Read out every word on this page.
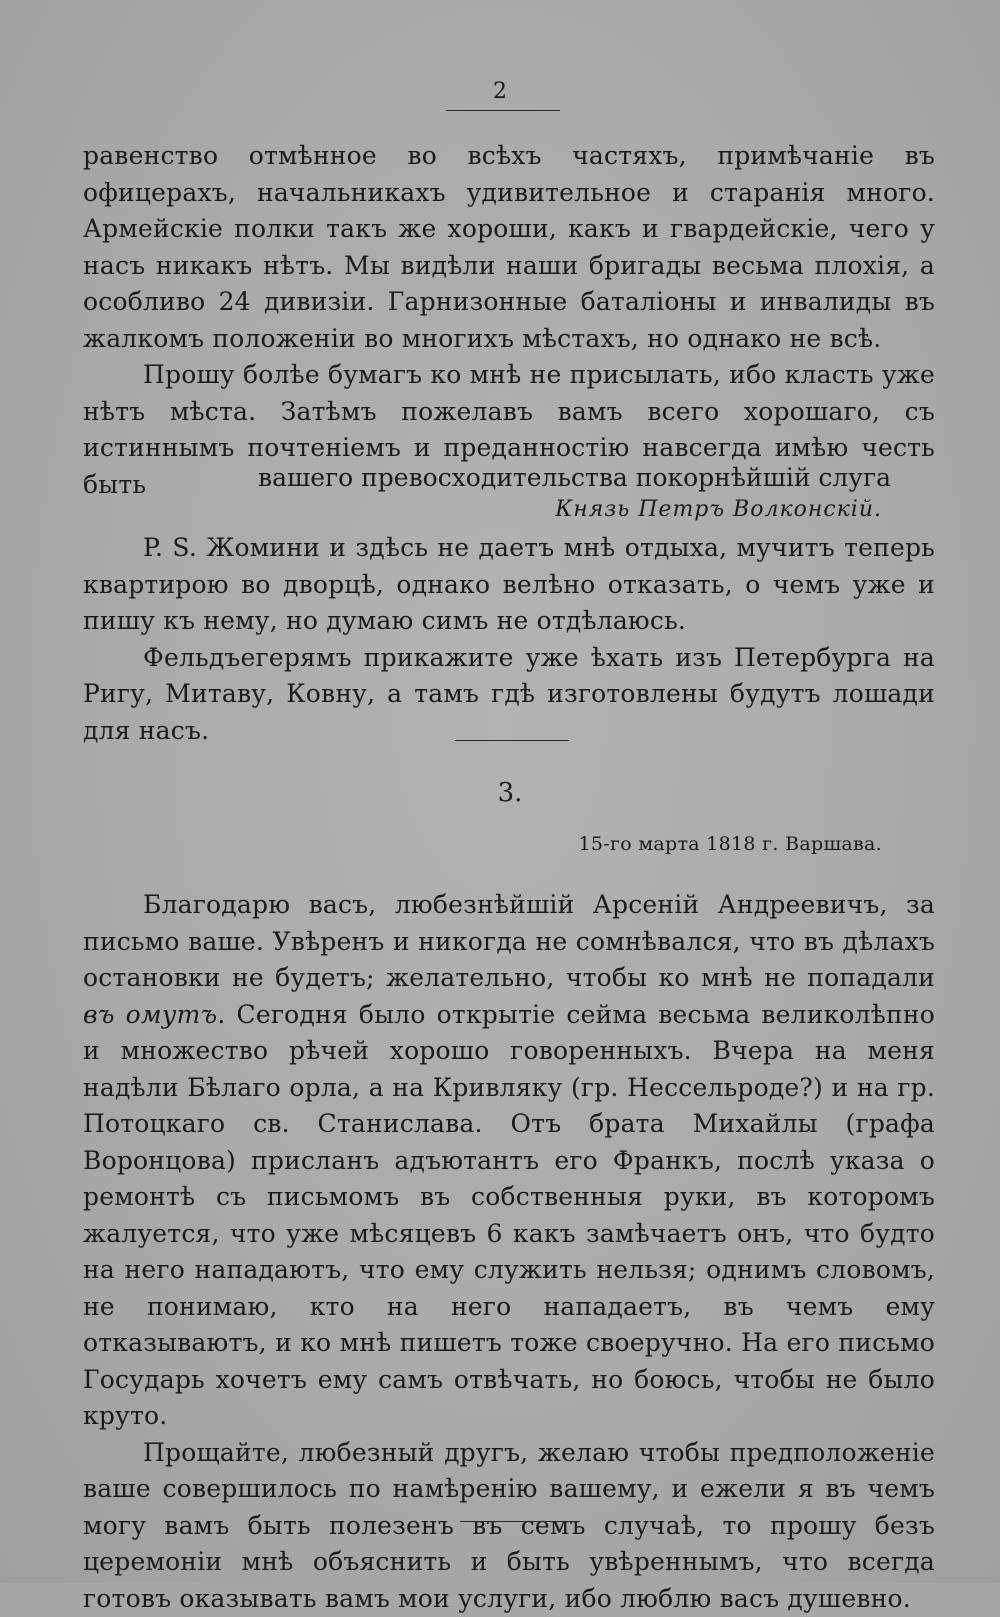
2

равенство отмѣнное во всѣхъ частяхъ, примѣчаніе въ офицерахъ, начальникахъ удивительное и старанія много. Армейскіе полки такъ же хороши, какъ и гвардейскіе, чего у насъ никакъ нѣтъ. Мы видѣли наши бригады весьма плохія, а особливо 24 дивизіи. Гарнизонные баталіоны и инвалиды въ жалкомъ положеніи во многихъ мѣстахъ, но однако не всѣ.

Прошу болѣе бумагъ ко мнѣ не присылать, ибо класть уже нѣтъ мѣста. Затѣмъ пожелавъ вамъ всего хорошаго, съ истиннымъ почтеніемъ и преданностію навсегда имѣю честь быть	вашего превосходительства покорнѣйшій слуга
Князь Петръ Волконскій.

P. S. Жомини и здѣсь не даетъ мнѣ отдыха, мучитъ теперь квартирою во дворцѣ, однако велѣно отказать, о чемъ уже и пишу къ нему, но думаю симъ не отдѣлаюсь.

Фельдъегерямъ прикажите уже ѣхать изъ Петербурга на Ригу, Митаву, Ковну, а тамъ гдѣ изготовлены будутъ лошади для насъ.

3.
15-го марта 1818 г. Варшава.

Благодарю васъ, любезнѣйшій Арсеній Андреевичъ, за письмо ваше. Увѣренъ и никогда не сомнѣвался, что въ дѣлахъ остановки не будетъ; желательно, чтобы ко мнѣ не попадали въ омутъ. Сегодня было открытіе сейма весьма великолѣпно и множество рѣчей хорошо говоренныхъ. Вчера на меня надѣли Бѣлаго орла, а на Кривляку (гр. Нессельроде?) и на гр. Потоцкаго св. Станислава. Отъ брата Михайлы (графа Воронцова) присланъ адъютантъ его Франкъ, послѣ указа о ремонтѣ съ письмомъ въ собственныя руки, въ которомъ жалуется, что уже мѣсяцевъ 6 какъ замѣчаетъ онъ, что будто на него нападаютъ, что ему служить нельзя; однимъ словомъ, не понимаю, кто на него нападаетъ, въ чемъ ему отказываютъ, и ко мнѣ пишетъ тоже своеручно. На его письмо Государь хочетъ ему самъ отвѣчать, но боюсь, чтобы не было круто.

Прощайте, любезный другъ, желаю чтобы предположеніе ваше совершилось по намѣренію вашему, и ежели я въ чемъ могу вамъ быть полезенъ въ семъ случаѣ, то прошу безъ церемоніи мнѣ объяснить и быть увѣреннымъ, что всегда готовъ оказывать вамъ мои услуги, ибо люблю васъ душевно.
